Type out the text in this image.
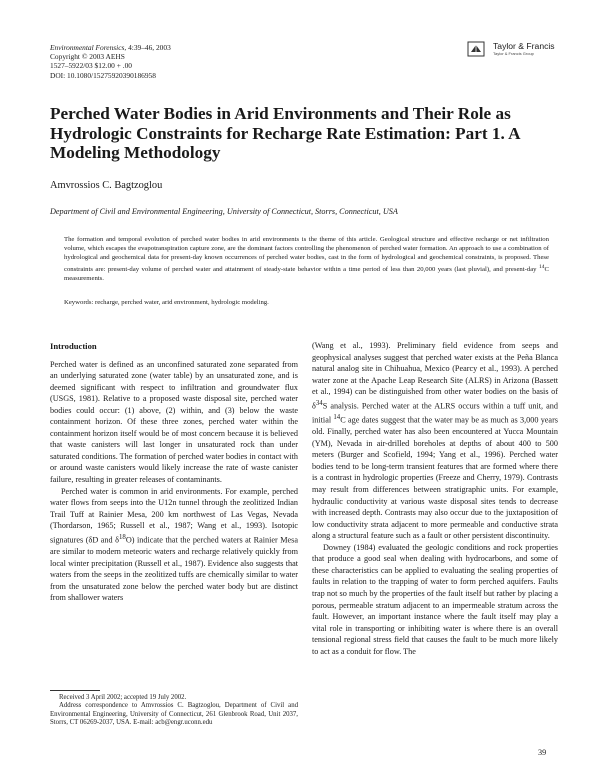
Environmental Forensics, 4:39–46, 2003
Copyright © 2003 AEHS
1527–5922/03 $12.00 + .00
DOI: 10.1080/15275920390186958
Taylor & Francis
Taylor & Francis Group
Perched Water Bodies in Arid Environments and Their Role as Hydrologic Constraints for Recharge Rate Estimation: Part 1. A Modeling Methodology
Amvrossios C. Bagtzoglou
Department of Civil and Environmental Engineering, University of Connecticut, Storrs, Connecticut, USA
The formation and temporal evolution of perched water bodies in arid environments is the theme of this article. Geological structure and effective recharge or net infiltration volume, which escapes the evapotranspiration capture zone, are the dominant factors controlling the phenomenon of perched water formation. An approach to use a combination of hydrological and geochemical data for present-day known occurrences of perched water bodies, cast in the form of hydrological and geochemical constraints, is proposed. These constraints are: present-day volume of perched water and attainment of steady-state behavior within a time period of less than 20,000 years (last pluvial), and present-day $^{14}$C measurements.
Keywords: recharge, perched water, arid environment, hydrologic modeling.
Introduction

Perched water is defined as an unconfined saturated zone separated from an underlying saturated zone (water table) by an unsaturated zone, and is deemed significant with respect to infiltration and groundwater flux (USGS, 1981). Relative to a proposed waste disposal site, perched water bodies could occur: (1) above, (2) within, and (3) below the waste containment horizon. Of these three zones, perched water within the containment horizon itself would be of most concern because it is believed that waste canisters will last longer in unsaturated rock than under saturated conditions. The formation of perched water bodies in contact with or around waste canisters would likely increase the rate of waste canister failure, resulting in greater releases of contaminants.

Perched water is common in arid environments. For example, perched water flows from seeps into the U12n tunnel through the zeolitized Indian Trail Tuff at Rainier Mesa, 200 km northwest of Las Vegas, Nevada (Thordarson, 1965; Russell et al., 1987; Wang et al., 1993). Isotopic signatures (δD and $\delta^{18}O$) indicate that the perched waters at Rainier Mesa are similar to modern meteoric waters and recharge relatively quickly from local winter precipitation (Russell et al., 1987). Evidence also suggests that waters from the seeps in the zeolitized tuffs are chemically similar to water from the unsaturated zone below the perched water body but are distinct from shallower waters

(Wang et al., 1993). Preliminary field evidence from seeps and geophysical analyses suggest that perched water exists at the Peña Blanca natural analog site in Chihuahua, Mexico (Pearcy et al., 1993). A perched water zone at the Apache Leap Research Site (ALRS) in Arizona (Bassett et al., 1994) can be distinguished from other water bodies on the basis of $\delta^{34}S$ analysis. Perched water at the ALRS occurs within a tuff unit, and initial $^{14}$C age dates suggest that the water may be as much as 3,000 years old. Finally, perched water has also been encountered at Yucca Mountain (YM), Nevada in air-drilled boreholes at depths of about 400 to 500 meters (Burger and Scofield, 1994; Yang et al., 1996). Perched water bodies tend to be long-term transient features that are formed where there is a contrast in hydrologic properties (Freeze and Cherry, 1979). Contrasts may result from differences between stratigraphic units. For example, hydraulic conductivity at various waste disposal sites tends to decrease with increased depth. Contrasts may also occur due to the juxtaposition of low conductivity strata adjacent to more permeable and conductive strata along a structural feature such as a fault or other persistent discontinuity.

Downey (1984) evaluated the geologic conditions and rock properties that produce a good seal when dealing with hydrocarbons, and some of these characteristics can be applied to evaluating the sealing properties of faults in relation to the trapping of water to form perched aquifers. Faults trap not so much by the properties of the fault itself but rather by placing a porous, permeable stratum adjacent to an impermeable stratum across the fault. However, an important instance where the fault itself may play a vital role in transporting or inhibiting water is where there is an overall tensional regional stress field that causes the fault to be much more likely to act as a conduit for flow. The

Received 3 April 2002; accepted 19 July 2002.

Address correspondence to Amvrossios C. Bagtzoglou, Department of Civil and Environmental Engineering, University of Connecticut, 261 Glenbrook Road, Unit 2037, Storrs, CT 06269-2037, USA. E-mail: acb@engr.uconn.edu

39
